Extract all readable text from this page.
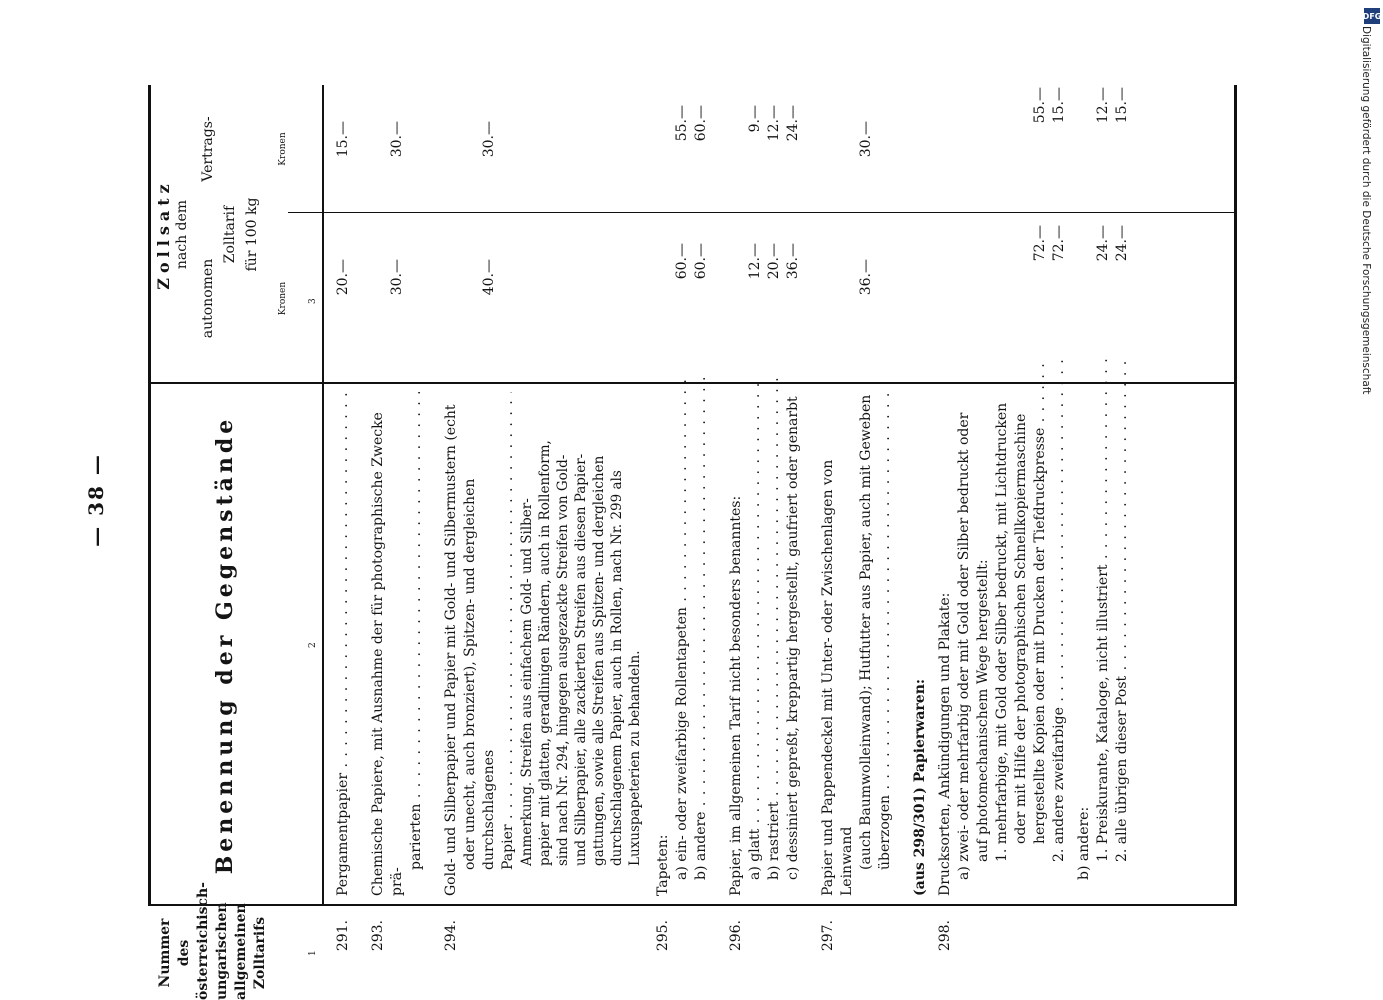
— 38 —
Nummer des österreichisch- ungarischen allgemeinen Zolltarifs
Benennung der Gegenstände
Zollsatz nach dem
autonomen
Vertrags-
Zolltarif für 100 kg
Kronen
Kronen
1
2
3
291.
Pergamentpapier . . .
20.—
15.—
293.
Chemische Papiere, mit Ausnahme der für photographische Zwecke prä-
parierten . . .
30.—
30.—
294.
Gold- und Silberpapier und Papier mit Gold- und Silbermustern (echt oder unecht, auch bronziert), Spitzen- und dergleichen durchschlagenes Papier . . .
40.—
30.—
Anmerkung. Streifen aus einfachem Gold- und Silber- papier mit glatten, geradlinigen Rändern, auch in Rollenform, sind nach Nr. 294, hingegen ausgezackte Streifen von Gold- und Silberpapier, alle zackierten Streifen aus diesen Papier- gattungen, sowie alle Streifen aus Spitzen- und dergleichen durchschlagenem Papier, auch in Rollen, nach Nr. 299 als Luxuspapeterien zu behandeln.
295.
Tapeten: a) ein- oder zweifarbige Rollentapeten . . .
60.—
55.—
b) andere . . .
60.—
60.—
296.
Papier, im allgemeinen Tarif nicht besonders benanntes: a) glatt . . .
12.—
9.—
b) rastriert . . .
20.—
12.—
c) dessiniert gepreßt, kreppartig hergestellt, gaufriert oder genarbt
36.—
24.—
297.
Papier und Pappendeckel mit Unter- oder Zwischenlagen von Leinwand (auch Baumwolleinwand); Hutfutter aus Papier, auch mit Geweben überzogen . . .
36.—
30.—
(aus 298/301) Papierwaren:
298.
Drucksorten, Ankündigungen und Plakate: a) zwei- oder mehrfarbig oder mit Gold oder Silber bedruckt oder auf photomechanischem Wege hergestellt: 1. mehrfarbige, mit Gold oder Silber bedruckt, mit Lichtdrucken oder mit Hilfe der photographischen Schnellkopiermaschine hergestellte Kopien oder mit Drucken der Tiefdruckpresse . . .
72.—
55.—
2. andere zweifarbige . . .
72.—
15.—
b) andere: 1. Preiskurante, Kataloge, nicht illustriert . . .
24.—
12.—
2. alle übrigen dieser Post . . .
24.—
15.—
DFG
Digitalisierung gefördert durch die Deutsche Forschungsgemeinschaft
